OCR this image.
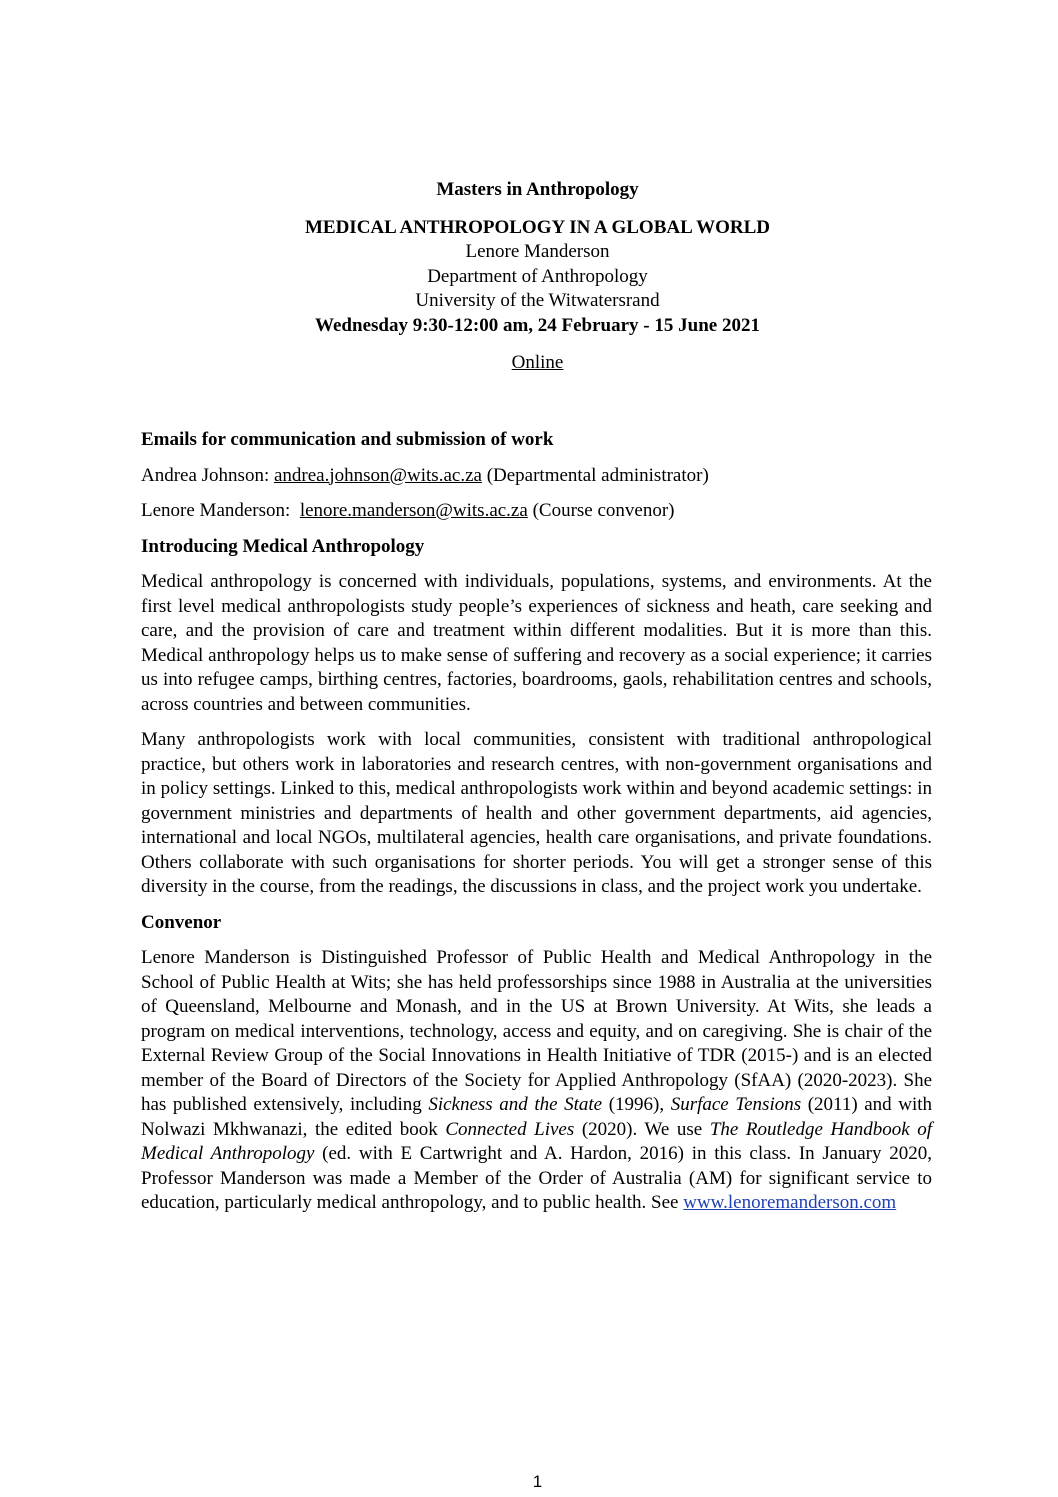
Masters in Anthropology
MEDICAL ANTHROPOLOGY IN A GLOBAL WORLD
Lenore Manderson
Department of Anthropology
University of the Witwatersrand
Wednesday 9:30-12:00 am, 24 February - 15 June 2021
Online
Emails for communication and submission of work

Andrea Johnson: andrea.johnson@wits.ac.za (Departmental administrator)

Lenore Manderson: lenore.manderson@wits.ac.za (Course convenor)

Introducing Medical Anthropology

Medical anthropology is concerned with individuals, populations, systems, and environments. At the first level medical anthropologists study people’s experiences of sickness and heath, care seeking and care, and the provision of care and treatment within different modalities. But it is more than this. Medical anthropology helps us to make sense of suffering and recovery as a social experience; it carries us into refugee camps, birthing centres, factories, boardrooms, gaols, rehabilitation centres and schools, across countries and between communities.

Many anthropologists work with local communities, consistent with traditional anthropological practice, but others work in laboratories and research centres, with non-government organisations and in policy settings. Linked to this, medical anthropologists work within and beyond academic settings: in government ministries and departments of health and other government departments, aid agencies, international and local NGOs, multilateral agencies, health care organisations, and private foundations. Others collaborate with such organisations for shorter periods. You will get a stronger sense of this diversity in the course, from the readings, the discussions in class, and the project work you undertake.

Convenor

Lenore Manderson is Distinguished Professor of Public Health and Medical Anthropology in the School of Public Health at Wits; she has held professorships since 1988 in Australia at the universities of Queensland, Melbourne and Monash, and in the US at Brown University. At Wits, she leads a program on medical interventions, technology, access and equity, and on caregiving. She is chair of the External Review Group of the Social Innovations in Health Initiative of TDR (2015-) and is an elected member of the Board of Directors of the Society for Applied Anthropology (SfAA) (2020-2023). She has published extensively, including Sickness and the State (1996), Surface Tensions (2011) and with Nolwazi Mkhwanazi, the edited book Connected Lives (2020). We use The Routledge Handbook of Medical Anthropology (ed. with E Cartwright and A. Hardon, 2016) in this class. In January 2020, Professor Manderson was made a Member of the Order of Australia (AM) for significant service to education, particularly medical anthropology, and to public health. See www.lenoremanderson.com

1
